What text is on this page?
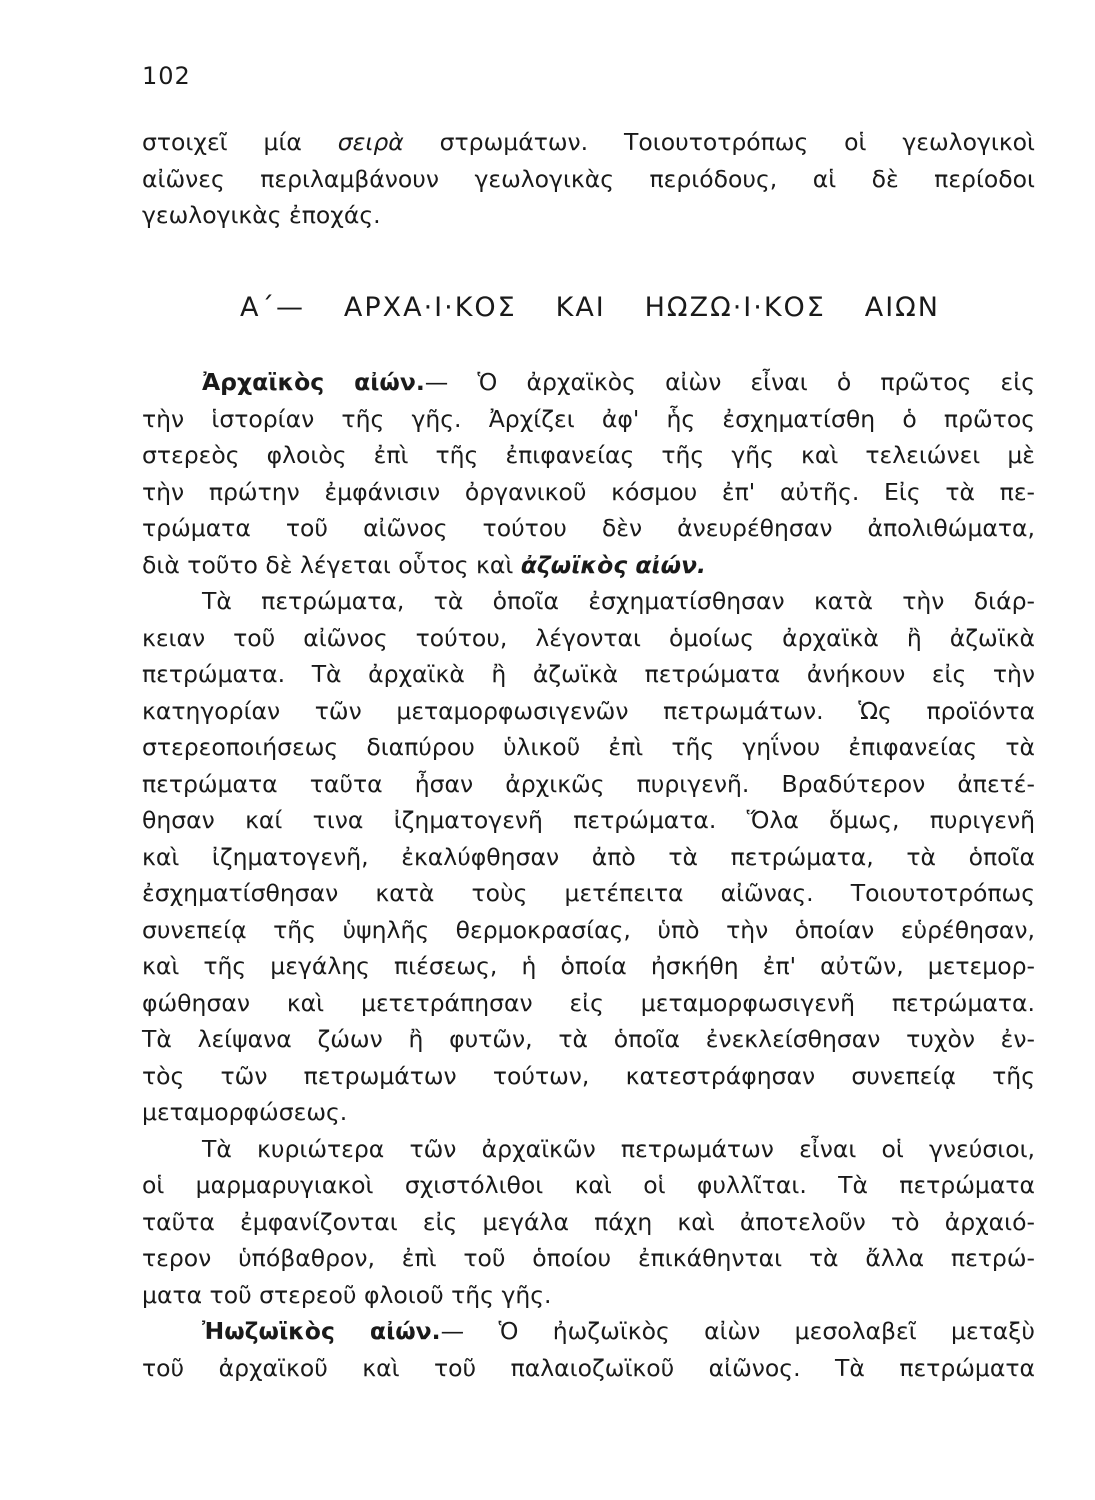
102
στοιχεῖ μία σειρὰ στρωμάτων. Τοιουτοτρόπως οἱ γεωλογικοὶ
αἰῶνες περιλαμβάνουν γεωλογικὰς περιόδους, αἱ δὲ περίοδοι
γεωλογικὰς ἐποχάς.
Α΄— ΑΡΧΑ·Ι·ΚΟΣ ΚΑΙ ΗΩΖΩ·Ι·ΚΟΣ ΑΙΩΝ
Ἀρχαϊκὸς αἰών.— Ὁ ἀρχαϊκὸς αἰὼν εἶναι ὁ πρῶτος εἰς
τὴν ἱστορίαν τῆς γῆς. Ἀρχίζει ἀφ' ἧς ἐσχηματίσθη ὁ πρῶτος
στερεὸς φλοιὸς ἐπὶ τῆς ἐπιφανείας τῆς γῆς καὶ τελειώνει μὲ
τὴν πρώτην ἐμφάνισιν ὀργανικοῦ κόσμου ἐπ' αὐτῆς. Εἰς τὰ πε-
τρώματα τοῦ αἰῶνος τούτου δὲν ἀνευρέθησαν ἀπολιθώματα,
διὰ τοῦτο δὲ λέγεται οὗτος καὶ ἀζωϊκὸς αἰών.
Τὰ πετρώματα, τὰ ὁποῖα ἐσχηματίσθησαν κατὰ τὴν διάρ-
κειαν τοῦ αἰῶνος τούτου, λέγονται ὁμοίως ἀρχαϊκὰ ἢ ἀζωϊκὰ
πετρώματα. Τὰ ἀρχαϊκὰ ἢ ἀζωϊκὰ πετρώματα ἀνήκουν εἰς τὴν
κατηγορίαν τῶν μεταμορφωσιγενῶν πετρωμάτων. Ὡς προϊόντα
στερεοποιήσεως διαπύρου ὑλικοῦ ἐπὶ τῆς γηΐνου ἐπιφανείας τὰ
πετρώματα ταῦτα ἦσαν ἀρχικῶς πυριγενῆ. Βραδύτερον ἀπετέ-
θησαν καί τινα ἰζηματογενῆ πετρώματα. Ὅλα ὅμως, πυριγενῆ
καὶ ἰζηματογενῆ, ἐκαλύφθησαν ἀπὸ τὰ πετρώματα, τὰ ὁποῖα
ἐσχηματίσθησαν κατὰ τοὺς μετέπειτα αἰῶνας. Τοιουτοτρόπως
συνεπείᾳ τῆς ὑψηλῆς θερμοκρασίας, ὑπὸ τὴν ὁποίαν εὑρέθησαν,
καὶ τῆς μεγάλης πιέσεως, ἡ ὁποία ἠσκήθη ἐπ' αὐτῶν, μετεμορ-
φώθησαν καὶ μετετράπησαν εἰς μεταμορφωσιγενῆ πετρώματα.
Τὰ λείψανα ζώων ἢ φυτῶν, τὰ ὁποῖα ἐνεκλείσθησαν τυχὸν ἐν-
τὸς τῶν πετρωμάτων τούτων, κατεστράφησαν συνεπείᾳ τῆς
μεταμορφώσεως.
Τὰ κυριώτερα τῶν ἀρχαϊκῶν πετρωμάτων εἶναι οἱ γνεύσιοι,
οἱ μαρμαρυγιακοὶ σχιστόλιθοι καὶ οἱ φυλλῖται. Τὰ πετρώματα
ταῦτα ἐμφανίζονται εἰς μεγάλα πάχη καὶ ἀποτελοῦν τὸ ἀρχαιό-
τερον ὑπόβαθρον, ἐπὶ τοῦ ὁποίου ἐπικάθηνται τὰ ἄλλα πετρώ-
ματα τοῦ στερεοῦ φλοιοῦ τῆς γῆς.
Ἠωζωϊκὸς αἰών.— Ὁ ἠωζωϊκὸς αἰὼν μεσολαβεῖ μεταξὺ
τοῦ ἀρχαϊκοῦ καὶ τοῦ παλαιοζωϊκοῦ αἰῶνος. Τὰ πετρώματα
